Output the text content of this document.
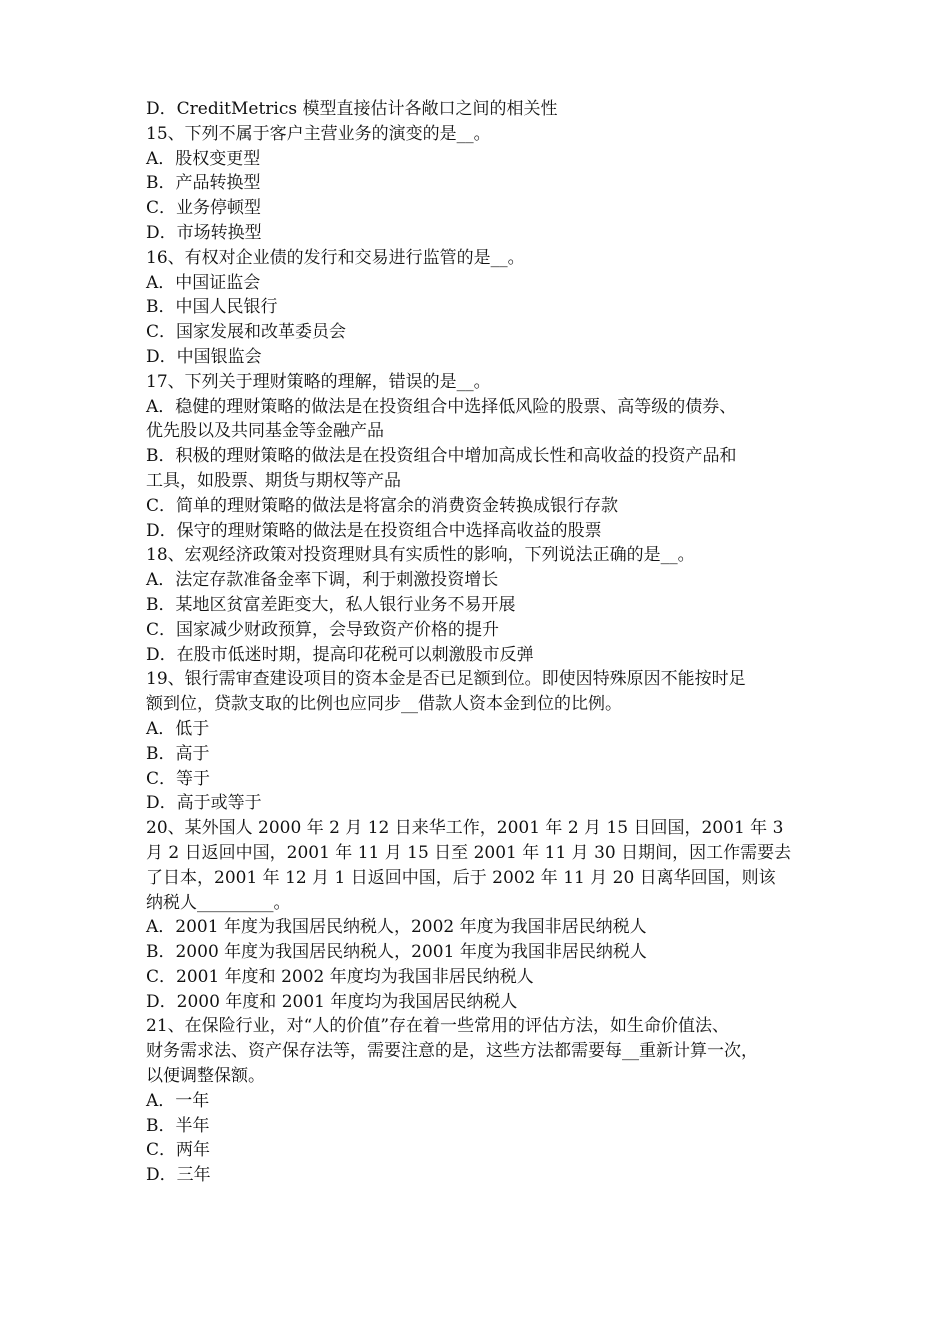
D．CreditMetrics 模型直接估计各敞口之间的相关性
15、下列不属于客户主营业务的演变的是__。
A．股权变更型
B．产品转换型
C．业务停顿型
D．市场转换型
16、有权对企业债的发行和交易进行监管的是__。
A．中国证监会
B．中国人民银行
C．国家发展和改革委员会
D．中国银监会
17、下列关于理财策略的理解，错误的是__。
A．稳健的理财策略的做法是在投资组合中选择低风险的股票、高等级的债券、
优先股以及共同基金等金融产品
B．积极的理财策略的做法是在投资组合中增加高成长性和高收益的投资产品和
工具，如股票、期货与期权等产品
C．简单的理财策略的做法是将富余的消费资金转换成银行存款
D．保守的理财策略的做法是在投资组合中选择高收益的股票
18、宏观经济政策对投资理财具有实质性的影响，下列说法正确的是__。
A．法定存款准备金率下调，利于刺激投资增长
B．某地区贫富差距变大，私人银行业务不易开展
C．国家减少财政预算，会导致资产价格的提升
D．在股市低迷时期，提高印花税可以刺激股市反弹
19、银行需审查建设项目的资本金是否已足额到位。即使因特殊原因不能按时足
额到位，贷款支取的比例也应同步__借款人资本金到位的比例。
A．低于
B．高于
C．等于
D．高于或等于
20、某外国人 2000 年 2 月 12 日来华工作，2001 年 2 月 15 日回国，2001 年 3
月 2 日返回中国，2001 年 11 月 15 日至 2001 年 11 月 30 日期间，因工作需要去
了日本，2001 年 12 月 1 日返回中国，后于 2002 年 11 月 20 日离华回国，则该
纳税人_________。
A．2001 年度为我国居民纳税人，2002 年度为我国非居民纳税人
B．2000 年度为我国居民纳税人，2001 年度为我国非居民纳税人
C．2001 年度和 2002 年度均为我国非居民纳税人
D．2000 年度和 2001 年度均为我国居民纳税人
21、在保险行业，对“人的价值”存在着一些常用的评估方法，如生命价值法、
财务需求法、资产保存法等，需要注意的是，这些方法都需要每__重新计算一次，
以便调整保额。
A．一年
B．半年
C．两年
D．三年
